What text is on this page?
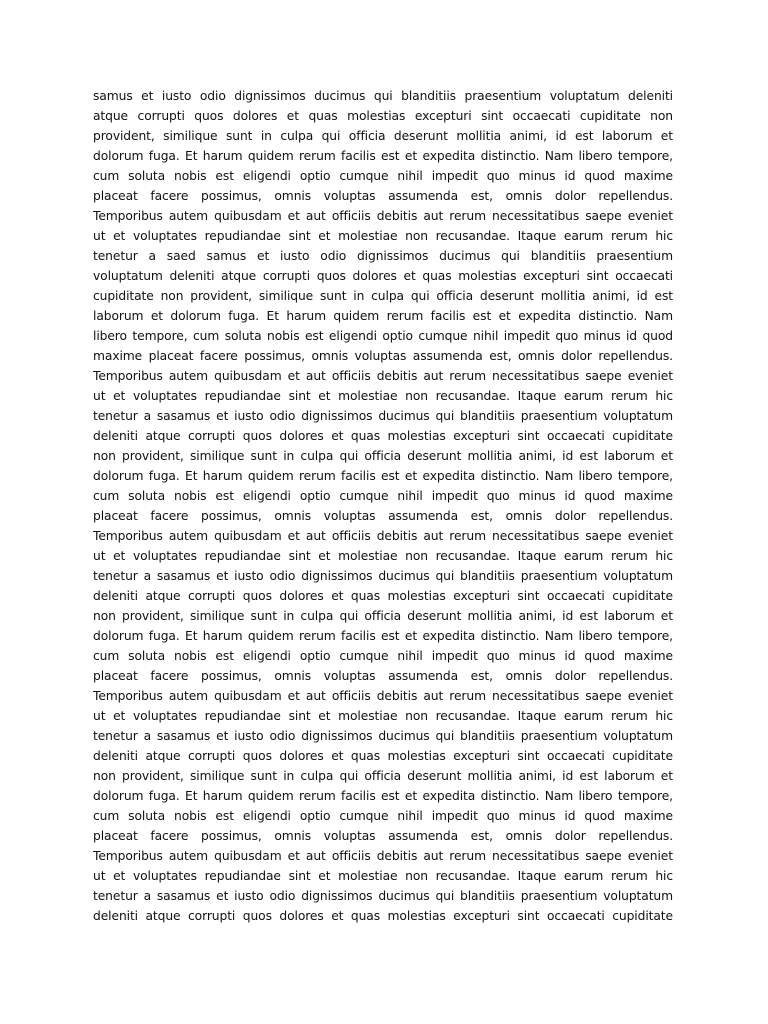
samus et iusto odio dignissimos ducimus qui blanditiis praesentium voluptatum deleniti
atque corrupti quos dolores et quas molestias excepturi sint occaecati cupiditate non
provident, similique sunt in culpa qui officia deserunt mollitia animi, id est laborum et
dolorum fuga. Et harum quidem rerum facilis est et expedita distinctio. Nam libero tempore,
cum soluta nobis est eligendi optio cumque nihil impedit quo minus id quod maxime
placeat facere possimus, omnis voluptas assumenda est, omnis dolor repellendus.
Temporibus autem quibusdam et aut officiis debitis aut rerum necessitatibus saepe eveniet
ut et voluptates repudiandae sint et molestiae non recusandae. Itaque earum rerum hic
tenetur a saed samus et iusto odio dignissimos ducimus qui blanditiis praesentium
voluptatum deleniti atque corrupti quos dolores et quas molestias excepturi sint occaecati
cupiditate non provident, similique sunt in culpa qui officia deserunt mollitia animi, id est
laborum et dolorum fuga. Et harum quidem rerum facilis est et expedita distinctio. Nam
libero tempore, cum soluta nobis est eligendi optio cumque nihil impedit quo minus id quod
maxime placeat facere possimus, omnis voluptas assumenda est, omnis dolor repellendus.
Temporibus autem quibusdam et aut officiis debitis aut rerum necessitatibus saepe eveniet
ut et voluptates repudiandae sint et molestiae non recusandae. Itaque earum rerum hic
tenetur a sasamus et iusto odio dignissimos ducimus qui blanditiis praesentium voluptatum
deleniti atque corrupti quos dolores et quas molestias excepturi sint occaecati cupiditate
non provident, similique sunt in culpa qui officia deserunt mollitia animi, id est laborum et
dolorum fuga. Et harum quidem rerum facilis est et expedita distinctio. Nam libero tempore,
cum soluta nobis est eligendi optio cumque nihil impedit quo minus id quod maxime
placeat facere possimus, omnis voluptas assumenda est, omnis dolor repellendus.
Temporibus autem quibusdam et aut officiis debitis aut rerum necessitatibus saepe eveniet
ut et voluptates repudiandae sint et molestiae non recusandae. Itaque earum rerum hic
tenetur a sasamus et iusto odio dignissimos ducimus qui blanditiis praesentium voluptatum
deleniti atque corrupti quos dolores et quas molestias excepturi sint occaecati cupiditate
non provident, similique sunt in culpa qui officia deserunt mollitia animi, id est laborum et
dolorum fuga. Et harum quidem rerum facilis est et expedita distinctio. Nam libero tempore,
cum soluta nobis est eligendi optio cumque nihil impedit quo minus id quod maxime
placeat facere possimus, omnis voluptas assumenda est, omnis dolor repellendus.
Temporibus autem quibusdam et aut officiis debitis aut rerum necessitatibus saepe eveniet
ut et voluptates repudiandae sint et molestiae non recusandae. Itaque earum rerum hic
tenetur a sasamus et iusto odio dignissimos ducimus qui blanditiis praesentium voluptatum
deleniti atque corrupti quos dolores et quas molestias excepturi sint occaecati cupiditate
non provident, similique sunt in culpa qui officia deserunt mollitia animi, id est laborum et
dolorum fuga. Et harum quidem rerum facilis est et expedita distinctio. Nam libero tempore,
cum soluta nobis est eligendi optio cumque nihil impedit quo minus id quod maxime
placeat facere possimus, omnis voluptas assumenda est, omnis dolor repellendus.
Temporibus autem quibusdam et aut officiis debitis aut rerum necessitatibus saepe eveniet
ut et voluptates repudiandae sint et molestiae non recusandae. Itaque earum rerum hic
tenetur a sasamus et iusto odio dignissimos ducimus qui blanditiis praesentium voluptatum
deleniti atque corrupti quos dolores et quas molestias excepturi sint occaecati cupiditate
